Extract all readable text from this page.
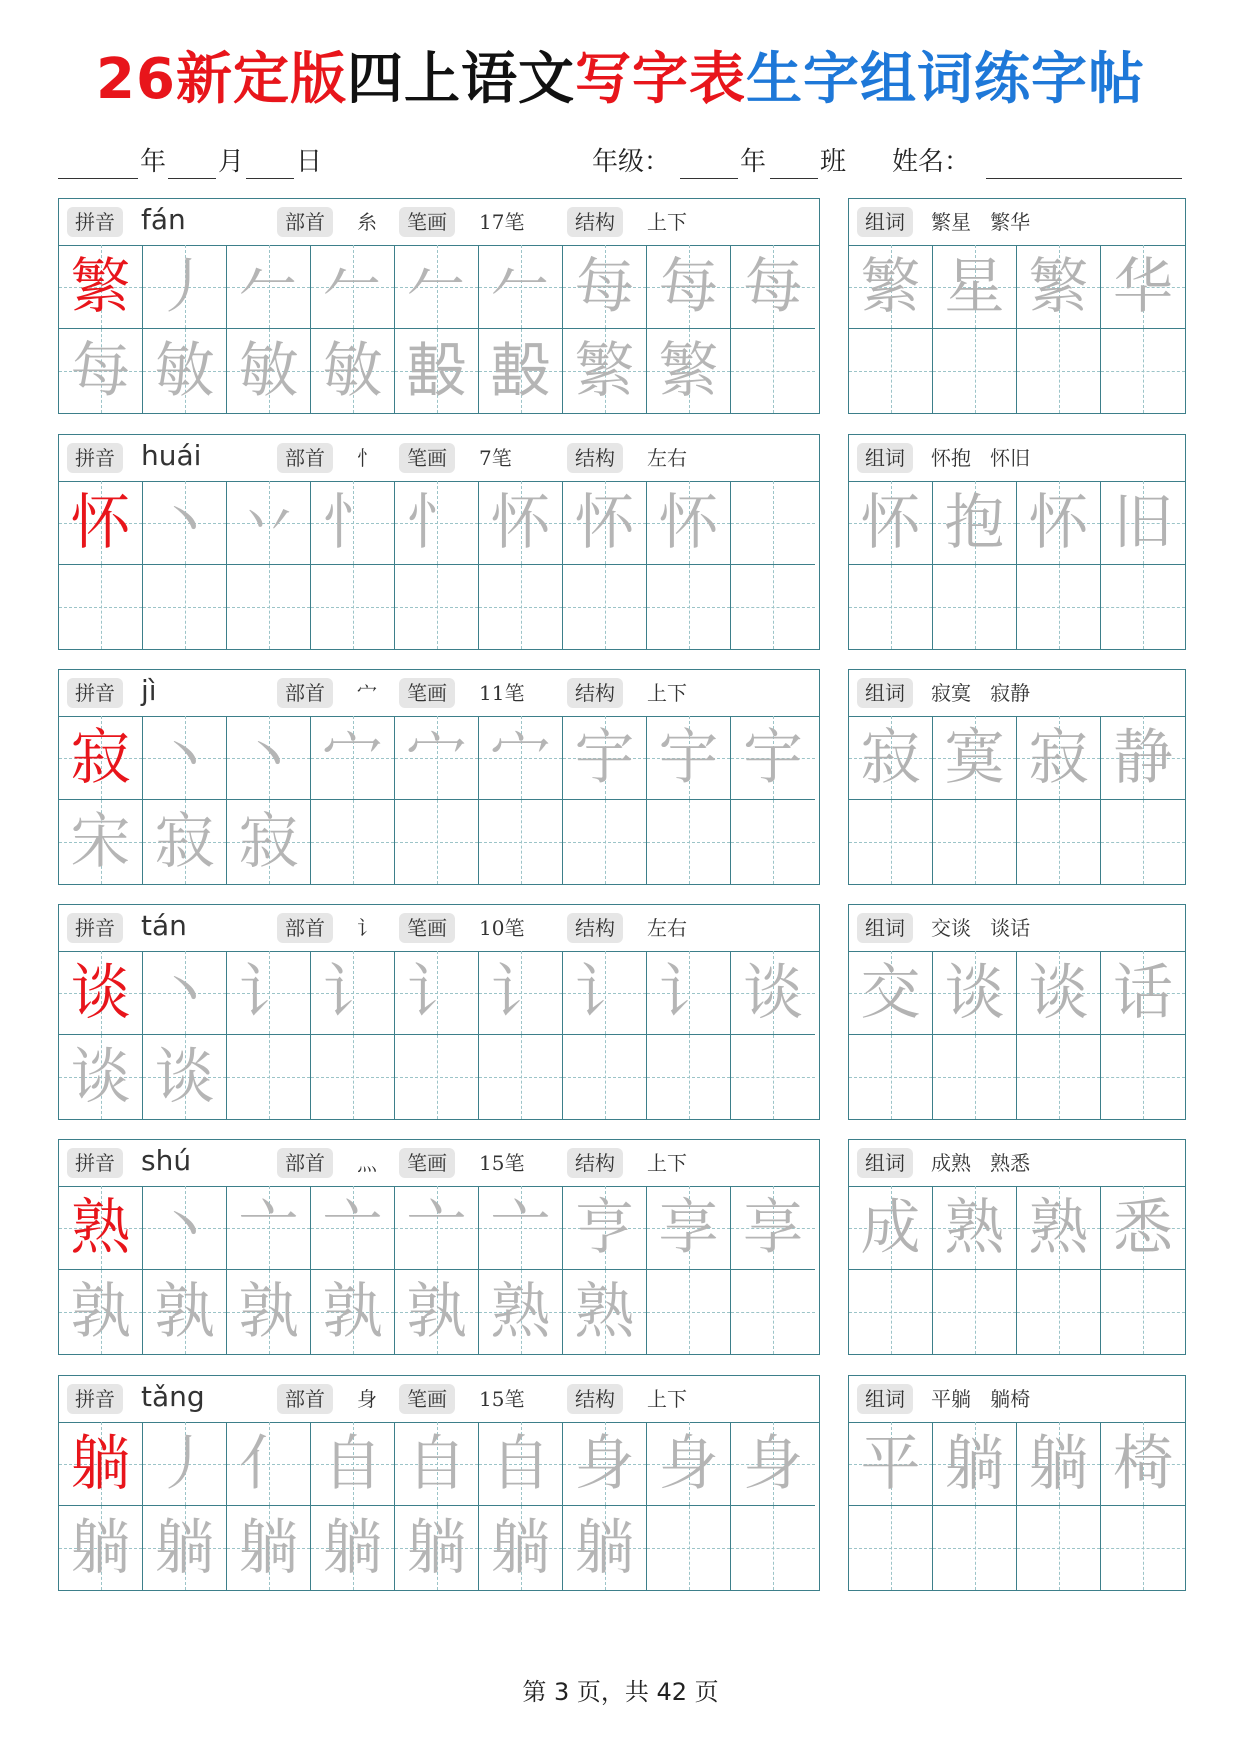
26新定版四上语文写字表生字组词练字帖
年 月 日	年级：	年 班 姓名：
拼音 fán	部首	糸	笔画	17笔	结构	上下
繁 丿 𠂉 𠂉 𠂉 𠂉 每 每 每
每 敏 敏 敏 𣪠 𣪠 繁 繁
组词	繁星   繁华
繁 星 繁 华
拼音 huái	部首	忄	笔画	7笔	结构	左右
怀 丶 丷 忄 忄 怀 怀 怀
组词	怀抱   怀旧
怀 抱 怀 旧
拼音 jì	部首	宀	笔画	11笔	结构	上下
寂 丶 丶 宀 宀 宀 宇 宇 宇
宋 寂 寂
组词	寂寞   寂静
寂 寞 寂 静
拼音 tán	部首	讠	笔画	10笔	结构	左右
谈 丶 讠 讠 讠 讠 讠 讠 谈
谈 谈
组词	交谈   谈话
交 谈 谈 话
拼音 shú	部首	灬	笔画	15笔	结构	上下
熟 丶 亠 亠 亠 亠 亨 享 享
孰 孰 孰 孰 孰 熟 熟
组词	成熟   熟悉
成 熟 熟 悉
拼音 tǎng	部首	身	笔画	15笔	结构	上下
躺 丿 亻 自 自 自 身 身 身
躺 躺 躺 躺 躺 躺 躺
组词	平躺   躺椅
平 躺 躺 椅
第 3 页，共 42 页
